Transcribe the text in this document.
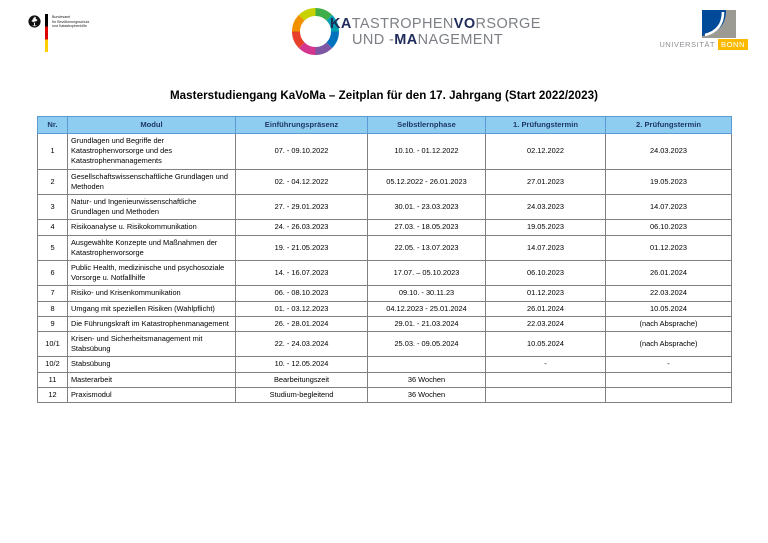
Bundesamt
für Bevölkerungsschutz
und Katastrophenhilfe	KATASTROPHENVORSORGE
UND -MANAGEMENT	UNIVERSITÄT BONN
Masterstudiengang KaVoMa – Zeitplan für den 17. Jahrgang (Start 2022/2023)
Nr.	Modul	Einführungspräsenz	Selbstlernphase	1. Prüfungstermin	2. Prüfungstermin
1	Grundlagen und Begriffe der Katastrophenvorsorge und des Katastrophenmanagements	07. - 09.10.2022	10.10. - 01.12.2022	02.12.2022	24.03.2023
2	Gesellschaftswissenschaftliche Grundlagen und Methoden	02. - 04.12.2022	05.12.2022 - 26.01.2023	27.01.2023	19.05.2023
3	Natur- und Ingenieurwissenschaftliche Grundlagen und Methoden	27. - 29.01.2023	30.01. - 23.03.2023	24.03.2023	14.07.2023
4	Risikoanalyse u. Risikokommunikation	24. - 26.03.2023	27.03. - 18.05.2023	19.05.2023	06.10.2023
5	Ausgewählte Konzepte und Maßnahmen der Katastrophenvorsorge	19. - 21.05.2023	22.05. - 13.07.2023	14.07.2023	01.12.2023
6	Public Health, medizinische und psychosoziale Vorsorge u. Notfallhilfe	14. - 16.07.2023	17.07. – 05.10.2023	06.10.2023	26.01.2024
7	Risiko- und Krisenkommunikation	06. - 08.10.2023	09.10. - 30.11.23	01.12.2023	22.03.2024
8	Umgang mit speziellen Risiken (Wahlpflicht)	01. - 03.12.2023	04.12.2023 - 25.01.2024	26.01.2024	10.05.2024
9	Die Führungskraft im Katastrophenmanagement	26. - 28.01.2024	29.01. - 21.03.2024	22.03.2024	(nach Absprache)
10/1	Krisen- und Sicherheitsmanagement mit Stabsübung	22. - 24.03.2024	25.03. - 09.05.2024	10.05.2024	(nach Absprache)
10/2	Stabsübung	10. - 12.05.2024		-	-
11	Masterarbeit	Bearbeitungszeit	36 Wochen		
12	Praxismodul	Studium-begleitend	36 Wochen		
